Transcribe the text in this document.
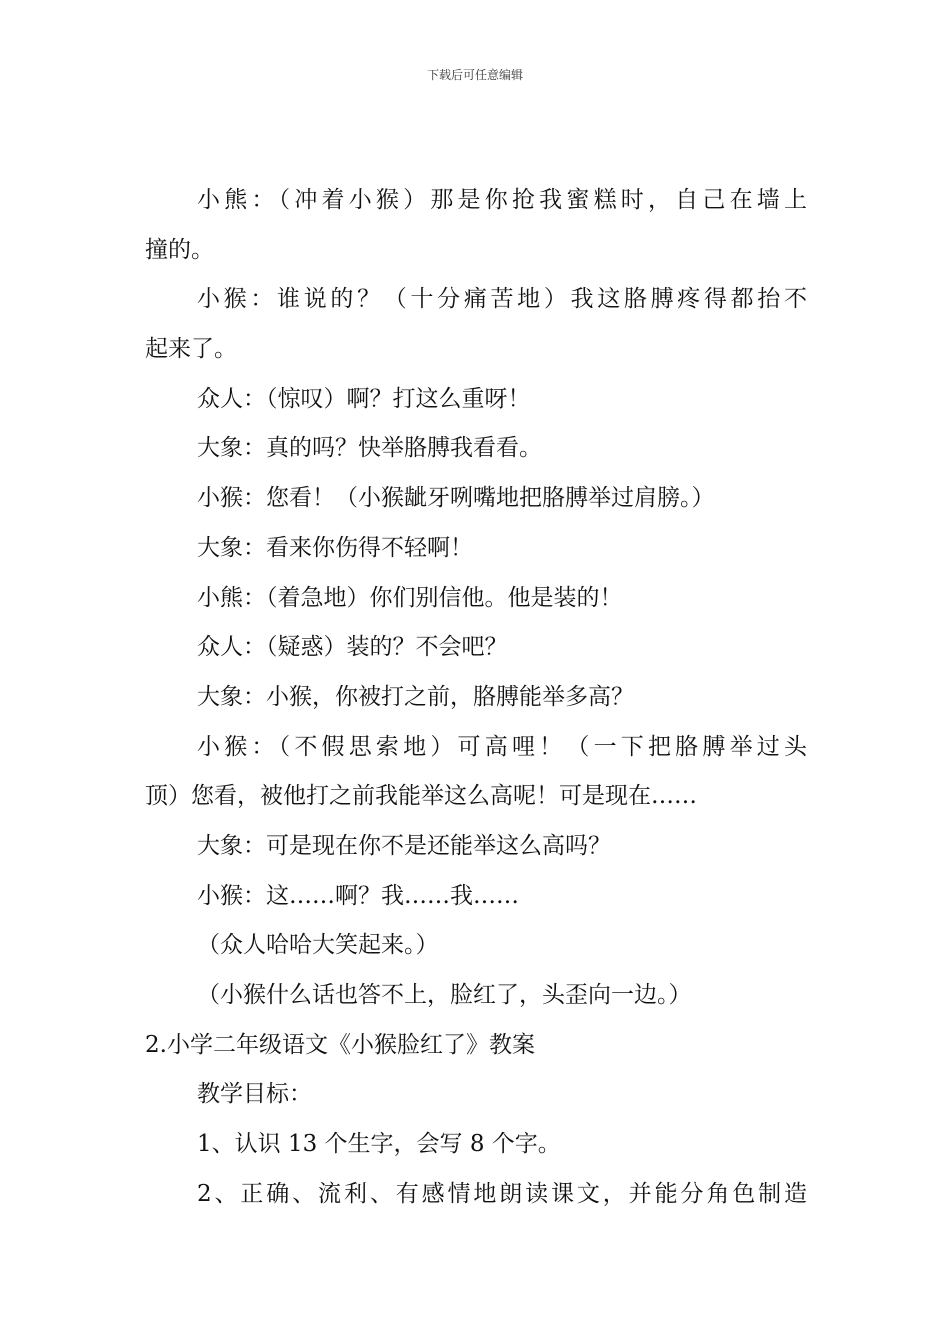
下载后可任意编辑
小熊：（冲着小猴）那是你抢我蜜糕时，自己在墙上
撞的。
小猴：谁说的？（十分痛苦地）我这胳膊疼得都抬不
起来了。
众人：（惊叹）啊？打这么重呀！
大象：真的吗？快举胳膊我看看。
小猴：您看！（小猴龇牙咧嘴地把胳膊举过肩膀。）
大象：看来你伤得不轻啊！
小熊：（着急地）你们别信他。他是装的！
众人：（疑惑）装的？不会吧？
大象：小猴，你被打之前，胳膊能举多高？
小猴：（不假思索地）可高哩！（一下把胳膊举过头
顶）您看，被他打之前我能举这么高呢！可是现在……
大象：可是现在你不是还能举这么高吗？
小猴：这……啊？我……我……
（众人哈哈大笑起来。）
（小猴什么话也答不上，脸红了，头歪向一边。）
2.小学二年级语文《小猴脸红了》教案
教学目标：
1、认识 13 个生字，会写 8 个字。
2、正确、流利、有感情地朗读课文，并能分角色制造
